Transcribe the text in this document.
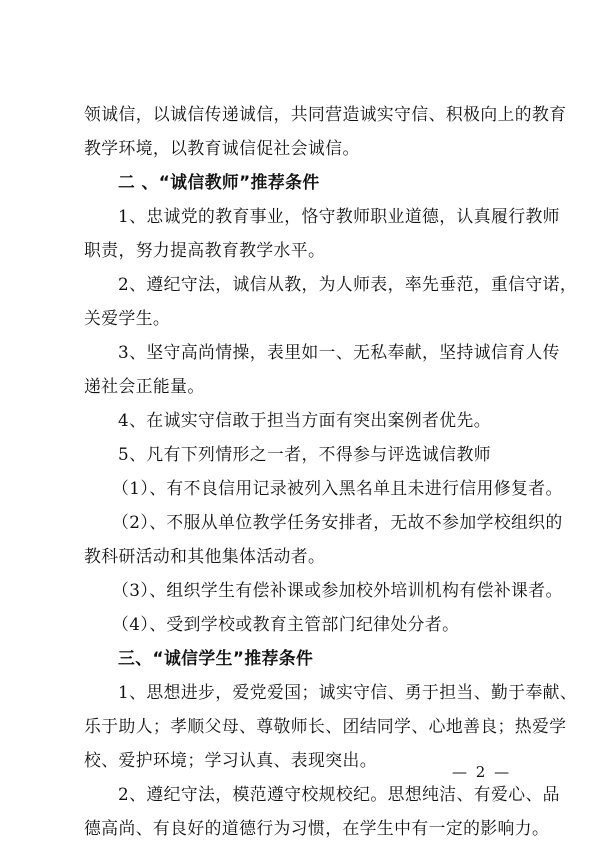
领诚信，以诚信传递诚信，共同营造诚实守信、积极向上的教育
教学环境，以教育诚信促社会诚信。
二 、“诚信教师”推荐条件
1、忠诚党的教育事业，恪守教师职业道德，认真履行教师
职责，努力提高教育教学水平。
2、遵纪守法，诚信从教，为人师表，率先垂范，重信守诺，
关爱学生。
3、坚守高尚情操，表里如一、无私奉献，坚持诚信育人传
递社会正能量。
4、在诚实守信敢于担当方面有突出案例者优先。
5、凡有下列情形之一者，不得参与评选诚信教师
（1）、有不良信用记录被列入黑名单且未进行信用修复者。
（2）、不服从单位教学任务安排者，无故不参加学校组织的
教科研活动和其他集体活动者。
（3）、组织学生有偿补课或参加校外培训机构有偿补课者。
（4）、受到学校或教育主管部门纪律处分者。
三、“诚信学生”推荐条件
1、思想进步，爱党爱国；诚实守信、勇于担当、勤于奉献、
乐于助人；孝顺父母、尊敬师长、团结同学、心地善良；热爱学
校、爱护环境；学习认真、表现突出。
2、遵纪守法，模范遵守校规校纪。思想纯洁、有爱心、品
德高尚、有良好的道德行为习惯，在学生中有一定的影响力。
— 2 —
